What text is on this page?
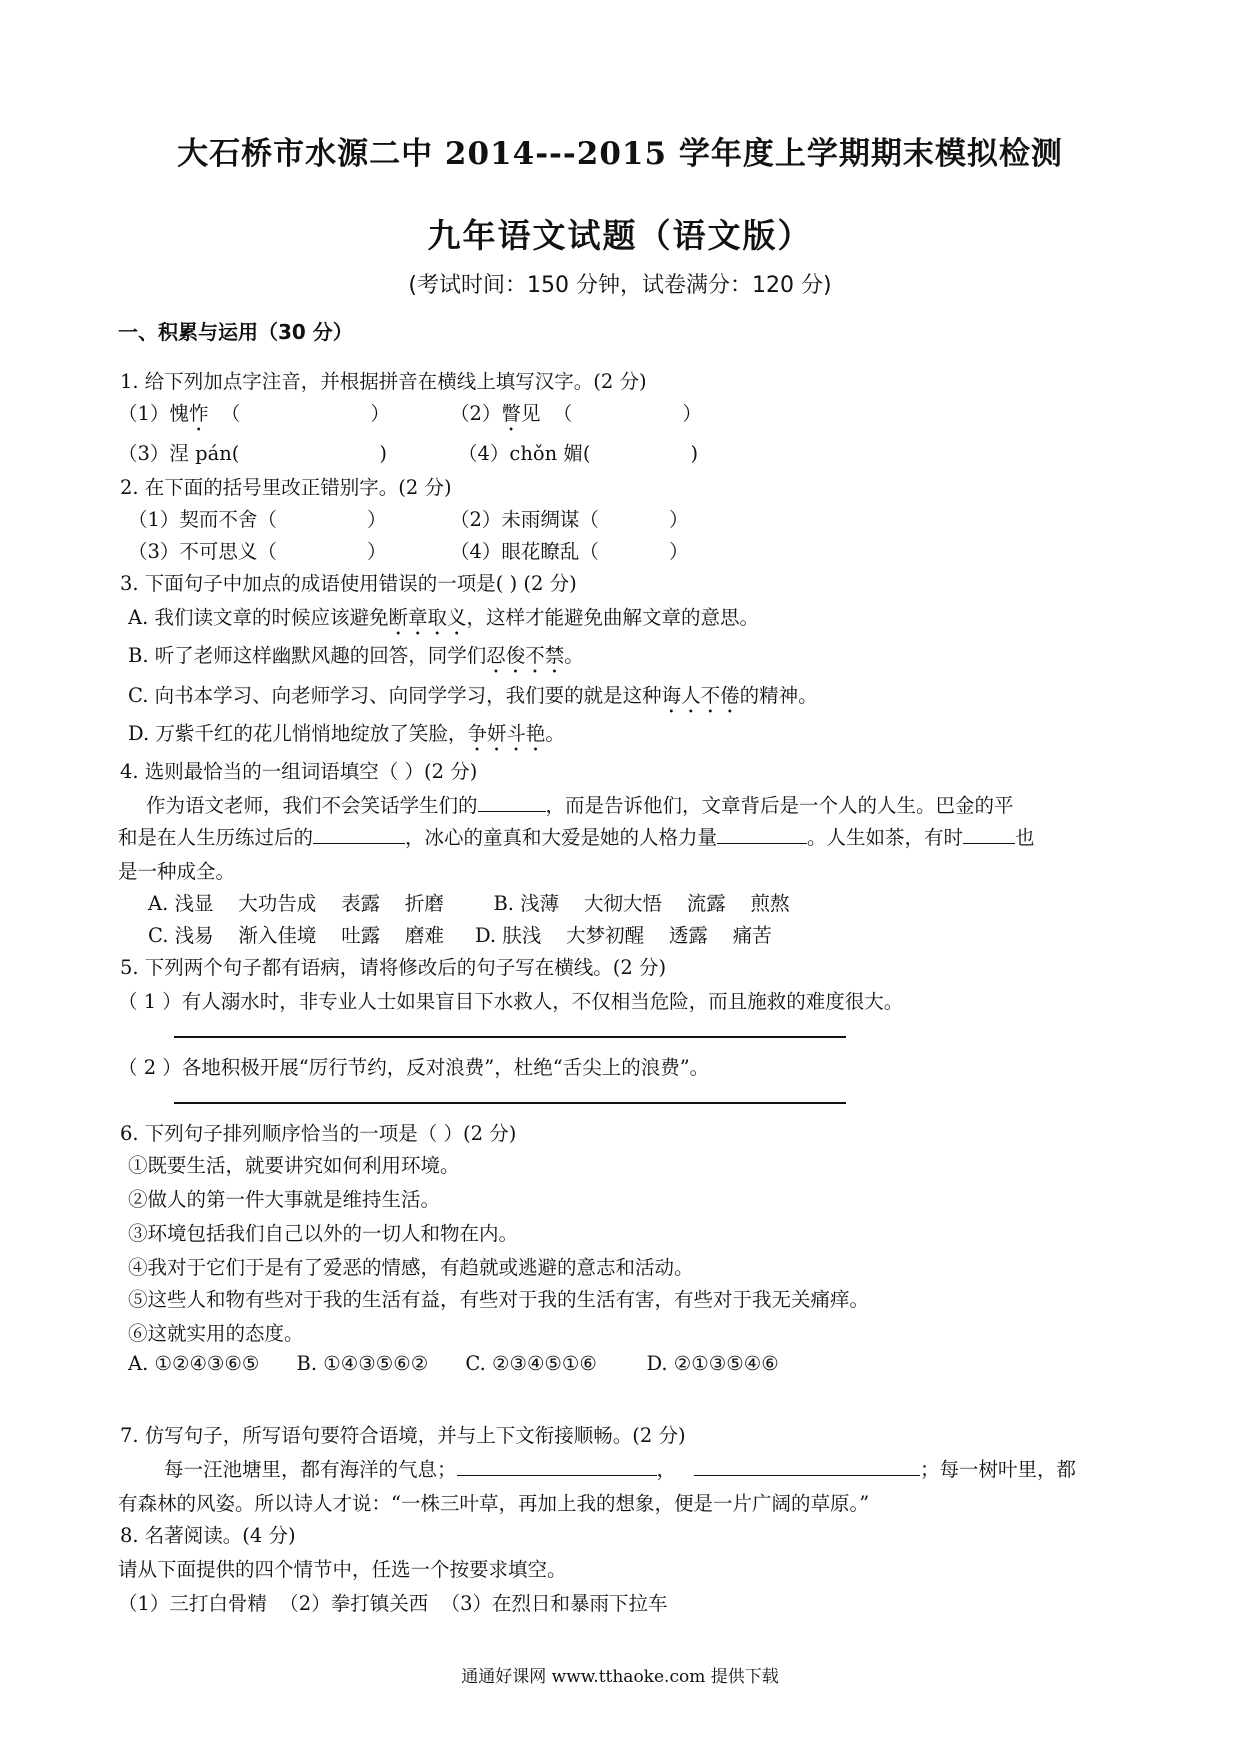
大石桥市水源二中 2014---2015 学年度上学期期末模拟检测
九年语文试题（语文版）
(考试时间：150 分钟，试卷满分：120 分)
一、积累与运用（30 分）
1. 给下列加点字注音，并根据拼音在横线上填写汉字。(2 分)
（1）愧怍 （	）	（2）瞥见 （	）
（3）涅 pán(	)	（4）chǒn 媚(	)
2. 在下面的括号里改正错别字。(2 分)
（1）契而不舍（	）	（2）未雨绸谋（	）
（3）不可思义（	）	（4）眼花瞭乱（	）
3. 下面句子中加点的成语使用错误的一项是( ) (2 分)
A. 我们读文章的时候应该避免断章取义，这样才能避免曲解文章的意思。
B. 听了老师这样幽默风趣的回答，同学们忍俊不禁。
C. 向书本学习、向老师学习、向同学学习，我们要的就是这种诲人不倦的精神。
D. 万紫千红的花儿悄悄地绽放了笑脸，争妍斗艳。
4. 选则最恰当的一组词语填空（ ）(2 分)
作为语文老师，我们不会笑话学生们的	，而是告诉他们，文章背后是一个人的人生。巴金的平
和是在人生历练过后的	，冰心的童真和大爱是她的人格力量	。人生如茶，有时	也
是一种成全。
A. 浅显    大功告成    表露    折磨        B. 浅薄    大彻大悟    流露    煎熬
C. 浅易    渐入佳境    吐露    磨难     D. 肤浅    大梦初醒    透露    痛苦
5. 下列两个句子都有语病，请将修改后的句子写在横线。(2 分)
（ 1 ）有人溺水时，非专业人士如果盲目下水救人，不仅相当危险，而且施救的难度很大。
（ 2 ）各地积极开展“厉行节约，反对浪费”，杜绝“舌尖上的浪费”。
6. 下列句子排列顺序恰当的一项是（ ）(2 分)
①既要生活，就要讲究如何利用环境。
②做人的第一件大事就是维持生活。
③环境包括我们自己以外的一切人和物在内。
④我对于它们于是有了爱恶的情感，有趋就或逃避的意志和活动。
⑤这些人和物有些对于我的生活有益，有些对于我的生活有害，有些对于我无关痛痒。
⑥这就实用的态度。
A. ①②④③⑥⑤      B. ①④③⑤⑥②      C. ②③④⑤①⑥        D. ②①③⑤④⑥
7. 仿写句子，所写语句要符合语境，并与上下文衔接顺畅。(2 分)
每一汪池塘里，都有海洋的气息；	，	；每一树叶里，都
有森林的风姿。所以诗人才说：“一株三叶草，再加上我的想象，便是一片广阔的草原。”
8. 名著阅读。(4 分)
请从下面提供的四个情节中，任选一个按要求填空。
（1）三打白骨精  （2）拳打镇关西  （3）在烈日和暴雨下拉车
通通好课网 www.tthaoke.com 提供下载
